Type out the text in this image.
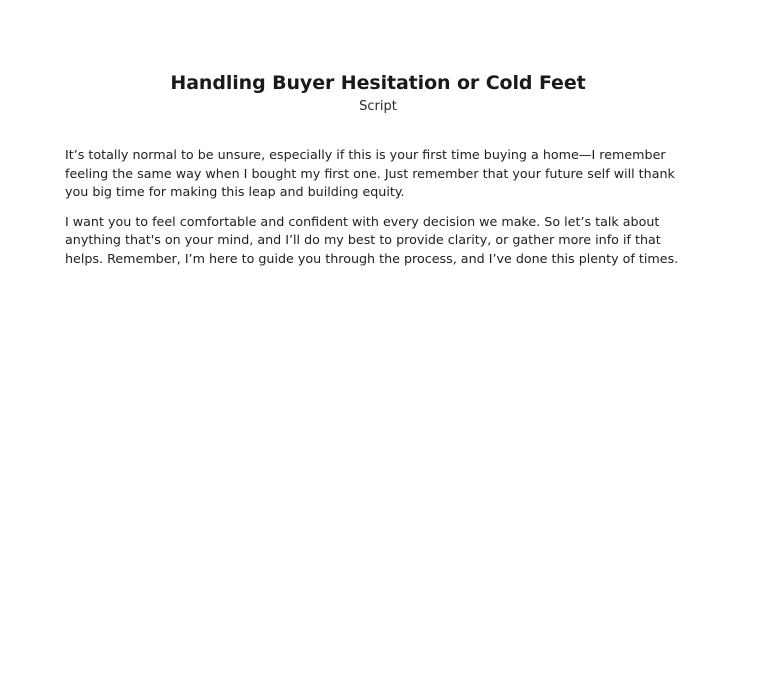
Handling Buyer Hesitation or Cold Feet

Script

It’s totally normal to be unsure, especially if this is your first time buying a home—I remember feeling the same way when I bought my first one. Just remember that your future self will thank you big time for making this leap and building equity.

I want you to feel comfortable and confident with every decision we make. So let’s talk about anything that's on your mind, and I’ll do my best to provide clarity, or gather more info if that helps. Remember, I’m here to guide you through the process, and I’ve done this plenty of times.
